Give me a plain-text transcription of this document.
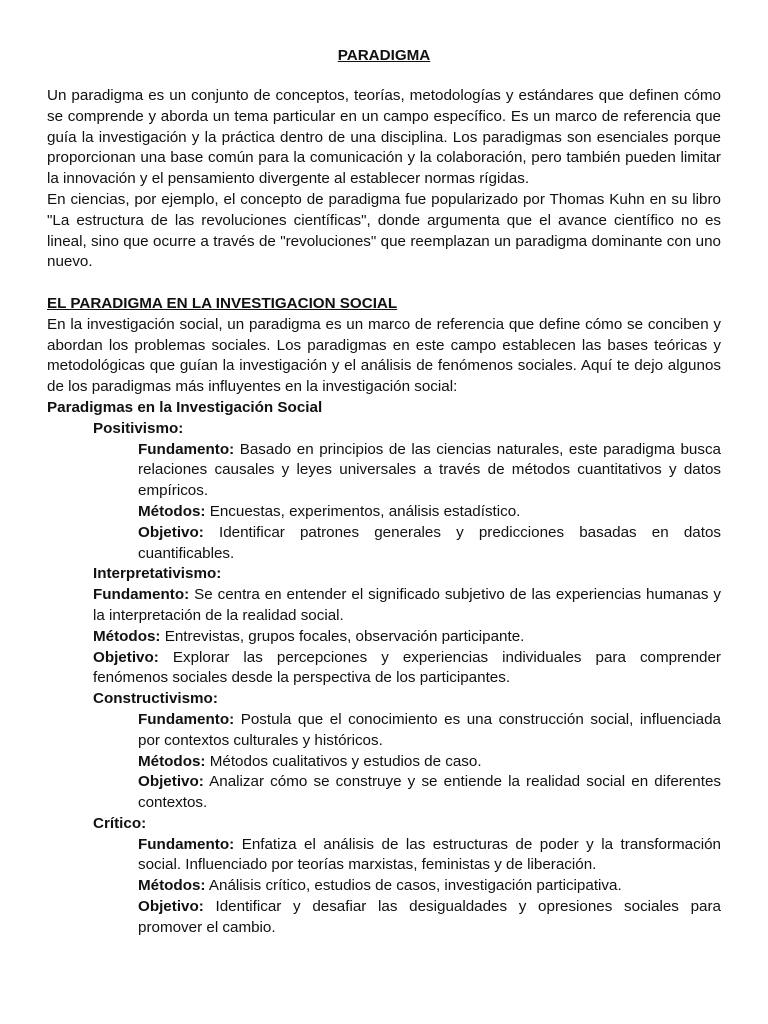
PARADIGMA

Un paradigma es un conjunto de conceptos, teorías, metodologías y estándares que definen cómo se comprende y aborda un tema particular en un campo específico. Es un marco de referencia que guía la investigación y la práctica dentro de una disciplina. Los paradigmas son esenciales porque proporcionan una base común para la comunicación y la colaboración, pero también pueden limitar la innovación y el pensamiento divergente al establecer normas rígidas.

En ciencias, por ejemplo, el concepto de paradigma fue popularizado por Thomas Kuhn en su libro "La estructura de las revoluciones científicas", donde argumenta que el avance científico no es lineal, sino que ocurre a través de "revoluciones" que reemplazan un paradigma dominante con uno nuevo.

EL PARADIGMA EN LA INVESTIGACION SOCIAL

En la investigación social, un paradigma es un marco de referencia que define cómo se conciben y abordan los problemas sociales. Los paradigmas en este campo establecen las bases teóricas y metodológicas que guían la investigación y el análisis de fenómenos sociales. Aquí te dejo algunos de los paradigmas más influyentes en la investigación social:

Paradigmas en la Investigación Social

Positivismo:

Fundamento: Basado en principios de las ciencias naturales, este paradigma busca relaciones causales y leyes universales a través de métodos cuantitativos y datos empíricos.

Métodos: Encuestas, experimentos, análisis estadístico.

Objetivo: Identificar patrones generales y predicciones basadas en datos cuantificables.

Interpretativismo:

Fundamento: Se centra en entender el significado subjetivo de las experiencias humanas y la interpretación de la realidad social.

Métodos: Entrevistas, grupos focales, observación participante.

Objetivo: Explorar las percepciones y experiencias individuales para comprender fenómenos sociales desde la perspectiva de los participantes.

Constructivismo:

Fundamento: Postula que el conocimiento es una construcción social, influenciada por contextos culturales y históricos.

Métodos: Métodos cualitativos y estudios de caso.

Objetivo: Analizar cómo se construye y se entiende la realidad social en diferentes contextos.

Crítico:

Fundamento: Enfatiza el análisis de las estructuras de poder y la transformación social. Influenciado por teorías marxistas, feministas y de liberación.

Métodos: Análisis crítico, estudios de casos, investigación participativa.

Objetivo: Identificar y desafiar las desigualdades y opresiones sociales para promover el cambio.
